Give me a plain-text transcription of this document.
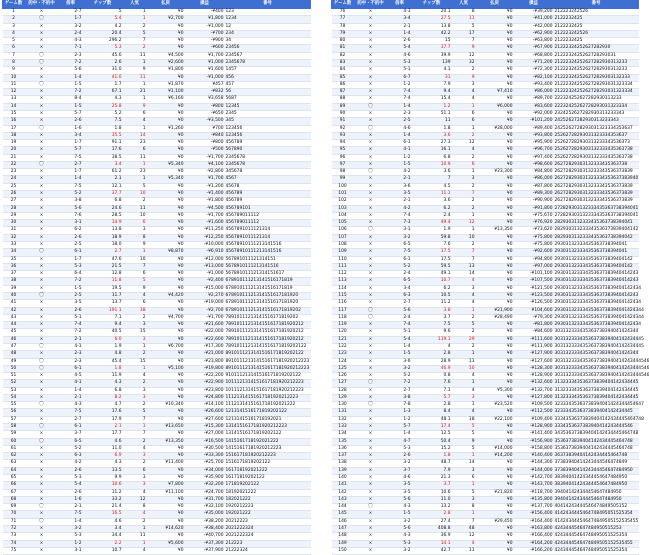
ゲーム数	的中・不的中	倍率	チップ数	人気	払戻	損益	番号
1	×	2-7	5	1	¥0	-¥400	123
2	〇	1-7	5.4	1	¥2,700	¥1,800	1234
3	×	3-2	4.2	2	¥0	-¥1,000	12
4	×	2-4	20.4	5	¥0	-¥700	234
5	×	4-3	296.2	7	¥0	-¥900	34
6	×	7-1	5.3	2	¥0	-¥600	23456
7	〇	2-3	45.6	11	¥4,500	¥1,700	234567
8	〇	7-2	2.6	1	¥2,600	¥1,000	2345678
9	×	5-6	31.0	9	¥1,800	¥1,600	1457
10	×	1-4	41.0	11	¥0	-¥1,000	456
11	〇	1-5	1.7	1	¥1,870	¥457	457
12	×	7-2	67.1	21	¥1,100	-¥832	56
13	×	8-4	4.3	1	¥6,160	¥3,658	5687
14	×	1-5	25.8	9	¥0	-¥800	12345
15	×	5-7	5.2	6	¥0	-¥650	2345
16	×	2-6	7.5	4	¥0	-¥3,500	345
17	〇	1-6	1.8	1	¥1,260	¥700	123456
18	×	3-4	35.5	14	¥0	-¥840	123456
19	×	1-7	91.1	23	¥0	-¥800	456789
20	×	5-7	17.6	6	¥0	-¥500	567890
21	×	7-5	38.5	11	¥0	-¥1,700	2345678
22	〇	2-7	3.4	1	¥5,340	¥4,100	2345678
23	×	1-7	61.2	23	¥0	-¥2,800	345678
24	×	1-4	2.1	1	¥5,340	¥1,700	4567
25	×	7-5	12.1	5	¥0	-¥1,200	45678
26	×	5-2	37.7	10	¥0	-¥1,400	456789
27	×	3-8	6.8	2	¥0	-¥1,800	456789
28	×	5-6	24.6	11	¥0	-¥4,500	456789101
29	×	7-6	28.5	10	¥0	-¥1,700	456789011112
30	×	3-1	14.9	6	¥0	-¥1,600	456789011112
31	×	6-2	13.8	3	¥0	-¥11,250	4567891011121314
32	×	2-6	18.9	8	¥0	-¥12,250	4567891011121314
33	×	2-5	18.0	9	¥0	-¥10,000	45678910111213141516
34	〇	6-1	2.7	1	¥8,870	-¥6,910	45678910111213141516
35	×	1-7	47.6	10	¥0	-¥12,000	567891011121314151
36	×	5-3	21.5	7	¥0	-¥13,000	5678910111213141516
37	×	6-4	12.8	6	¥0	-¥1,000	567891011121314151617
38	×	7-2	11.8	5	¥0	-¥2,400	678910111213141516171819
39	×	1-5	19.5	9	¥0	-¥15,000	678910111213141516171819
40	〇	2-5	11.7	4	¥4,420	¥2,270	67891011121314151617181920
41	×	3-5	13.7	6	¥0	-¥19,000	67891011121314151617181920
42	×	2-6	191.1	38	¥0	-¥2,700	678910111213141516171819202
43	×	5-1	7.1	2	¥4,700	-¥1,700	78910111213141516171819202
44	×	7-4	9.4	3	¥0	-¥21,600	7891011121314151617181920212
45	×	7-2	40.5	15	¥0	-¥22,000	7891011121314151617181920212
46	×	2-1	6.0	3	¥0	-¥22,600	7891011121314151617181920212
47	〇	4-1	1.9	1	¥6,700	-¥17,300	78910111213141516171819202122
48	×	2-3	4.8	2	¥0	-¥21,000	8910111213141516171819202122
49	〇	2-3	45.4	15	¥0	-¥23,800	891011121314151617181920212223
50	〇	6-1	1.8	1	¥5,100	-¥19,800	891011121314151617181920212223
51	×	4-5	11.9	4	¥0	-¥22,200	910111213141516171819202122
52	×	4-1	4.3	2	¥0	-¥22,900	1011121314151617181920212223
53	×	1-4	6.8	3	¥0	-¥23,800	1011121314151617181920212223
54	×	2-1	8.2	3	¥0	-¥24,800	11121314151617181920212223
55	〇	4-3	4.7	2	¥10,340	-¥14,100	1112131415161718192021222
56	×	7-5	17.6	5	¥0	-¥26,600	1213141516171819202122
57	×	2-7	17.9	7	¥0	-¥27,600	12131415161718192021
58	〇	6-1	2.1	1	¥13,650	-¥15,300	1314151617181920212223
59	×	3-7	17.7	7	¥0	-¥27,000	13141516171819202122
60	〇	6-5	4.6	2	¥13,350	-¥16,500	1415161718192021222
61	×	5-2	11.0	4	¥0	-¥30,500	14151617181920212223
62	×	6-3	6.9	3	¥0	-¥33,300	151617181920212223
63	×	4-2	4.3	2	¥11,400	-¥25,700	1516171819202122
64	×	2-6	13.5	6	¥0	-¥34,000	161718192021222
65	×	5-3	9.9	3	¥0	-¥35,900	16171819202122
66	×	5-4	10.6	3	¥7,800	-¥32,200	171819202122
67	×	2-6	11.2	4	¥11,100	-¥24,700	18192021222
68	×	1-6	33.2	12	¥0	-¥31,700	182021222
69	〇	2-1	21.4	8	¥0	-¥32,100	1920212223
70	×	7-5	16.5	4	¥0	-¥35,000	192021222
71	〇	1-4	4.6	2	¥0	-¥38,200	20212223
72	×	3-2	3.4	1	¥14,620	-¥38,400	2021222324
73	×	5-3	34.4	11	¥0	-¥40,700	2021222324
74	×	1-2	2.2	1	¥5,600	-¥37,300	212223
75	×	3-1	10.7	4	¥0	-¥37,900	21222324
ゲーム数	的中・不的中	倍率	チップ数	人気	払戻	損益	番号
76	×	4-3	20.1	8	¥0	-¥39,200	212223242526
77	×	3-4	27.5	11	¥0	-¥41,000	2122232425
78	×	2-1	13.8	5	¥0	-¥42,000	2122232425
79	×	1-4	42.2	17	¥0	-¥62,900	212223242526
80	×	2-6	15	7	¥0	-¥63,800	2122232425
81	×	5-4	37.7	9	¥0	-¥67,900	21222324252627282930
82	×	4-6	39.9	12	¥0	-¥68,800	2122232425262728293031
83	×	5-3	139	32	¥0	-¥71,200	21222324252627282930313233
84	×	5-1	4.1	2	¥0	-¥72,300	21222324252627282930313233
85	×	6-7	31	9	¥0	-¥82,100	212223242526272829303132333
86	×	1-2	7.9	3	¥0	-¥93,400	2122232425262728293031323334
87	×	7-4	9.4	4	¥7,410	¥86,000	2122232425262728293031323334
88	×	7-4	15.4	4	¥0	-¥89,700	222324252627282930313233
89	〇	1-4	1.2	1	¥6,000	¥83,600	22232425262728293031323334
90	×	2-3	51.1	6	¥0	-¥92,000	2324252627282930313233343
91	×	2-5	11	6	¥0	-¥101,200	24252627282930313233343
92	〇	4-6	1.8	1	¥28,000	-¥89,400	2425262728293031323334353637
93	×	1-4	3.6	2	¥0	-¥93,800	25262728293031323334353637
94	×	6-1	27.3	12	¥0	-¥95,900	252627282930313233343536373
95	×	4-1	16.1	4	¥0	-¥96,700	2526272829303132333435363738
96	×	1-2	6.8	2	¥0	-¥97,400	2526272829303132333435363738
97	×	1-5	10.9	6	¥0	-¥98,600	26272829303132333435363738
98	〇	4-2	3.6	1	¥23,300	¥84,800	2627282930313233343536373839
99	×	2-1	7	3	¥0	-¥86,000	262728293031323334353637383940
100	×	3-6	4.5	2	¥0	-¥87,800	2627282930313233343536373839
101	×	3-5	11.1	7	¥0	-¥89,300	2627282930313233343536373839
102	×	2-1	3.6	2	¥0	-¥90,900	2627282930313233343536373839
103	×	4-2	6.2	2	¥0	-¥91,800	272829303132333435363738394041
104	×	7-4	2.4	1	¥0	-¥75,670	272829303132333435363738394041
105	×	7-3	49.4	12	¥0	-¥76,920	2829303132333435363738394041
106	〇	3-1	1.9	1	¥13,350	-¥73,620	282930313233343536373839404142
107	×	3-2	59.8	10	¥0	-¥75,800	2829303132333435363738394042
108	×	6-5	7.6	2	¥0	-¥75,800	29303132333435363738394041
109	×	7-5	17.5	7	¥0	-¥92,600	29303132333435363738394041
110	×	6-1	17.5	7	¥0	-¥94,800	2930313233343536373839404142
111	×	5-2	59.5	13	¥0	-¥97,000	2930313233343536373839404142
112	×	2-4	49.1	14	¥0	-¥101,100	293031323334353637383940414243
113	×	6-5	10.7	4	¥0	-¥107,500	293031323334353637383940414243
114	×	3-4	6.2	3	¥0	-¥121,500	2930313233343536373839404142434
115	×	6-3	10.5	4	¥0	-¥123,500	293031323334353637383940414243
116	×	2-7	11.2	4	¥0	-¥126,500	2930313233343536373839404142434
117	〇	5-6	3.8	1	¥21,900	¥104,600	29303132333435363738394041424344
118	〇	2-4	3.7	2	¥28,490	-¥79,300	29303132333435363738394041424344
119	×	7-4	7.5	5	¥0	-¥81,800	2930313233343536373839404142434
120	×	5-1	9.6	2	¥0	-¥84,600	303132333435363738394041424344
121	×	5-4	119.1	29	¥0	-¥111,600	30313233343536373839404142434445
122	×	1-4	4	2	¥0	-¥111,900	30313233343536373839404142434445
123	×	1-5	2.8	1	¥0	-¥127,900	303132333435363738394041424344
124	×	3-6	28.9	11	¥0	-¥127,600	3031323334353637383940414243444546
125	×	3-2	46.9	10	¥0	-¥128,300	3031323334353637383940414243444546
126	×	5-2	0.8	4	¥0	-¥128,900	3031323334353637383940414243444546
127	〇	7-2	7.6	1	¥0	-¥132,600	313233343536373839404142434445
128	×	2-7	7.1	4	¥5,300	-¥132,700	313233343536373839404142434445
129	×	3-8	5.7	3	¥0	-¥127,800	313233343536373839404142434445
130	〇	7-8	2.8	1	¥23,520	¥109,500	32333435363738394041424344454647
131	×	1-3	8.4	4	¥0	-¥112,500	3233343536373839404142434445
132	×	1-2	48.1	18	¥22,100	¥109,400	33343536373839404142434445464748
133	×	5-7	17.4	5	¥0	-¥128,900	3334353637383940414243444546
134	×	1-4	12.5	5	¥0	-¥141,400	343536373839404142434445464748
135	×	4-7	50.4	9	¥0	-¥156,900	3536373839404142434445464748
136	×	5-3	15.2	5	¥14,000	-¥158,800	3536373839404142434445464748
137	×	2-6	1.8	1	¥14,200	¥140,400	36373839404142434445464748
138	×	3-2	48.7	14	¥0	-¥144,300	37383940414243444546474849
139	×	3-7	7.9	3	¥0	-¥144,000	3738394041424344454647484950
140	×	4-6	21.3	6	¥0	-¥142,700	38394041424344454647484950
141	×	3-5	3.7	1	¥0	-¥143,700	38394041424344454647484950
142	×	3-5	10.6	5	¥21,820	-¥118,700	394041424344454647484950
143	×	5-6	11.0	3	¥0	-¥135,800	394041424344454647484950
144	〇	4-3	13.2	8	¥0	-¥137,700	40414243444546474849505152
145	×	1-5	2.8	1	¥0	-¥156,400	4142434445464748495051525354
146	×	3-2	27.4	7	¥29,450	-¥164,400	414243444546474849505152535455
147	×	5-6	408.8	48	¥0	-¥163,800	424344454647484950515253
148	×	4-3	36.9	12	¥0	-¥166,400	42434445464748495051525354
149	×	5-3	14.1	4	¥0	-¥164,200	4243444546474849505152535455
150	×	3-2	42.7	11	¥0	-¥166,200	42434445464748495051525354
